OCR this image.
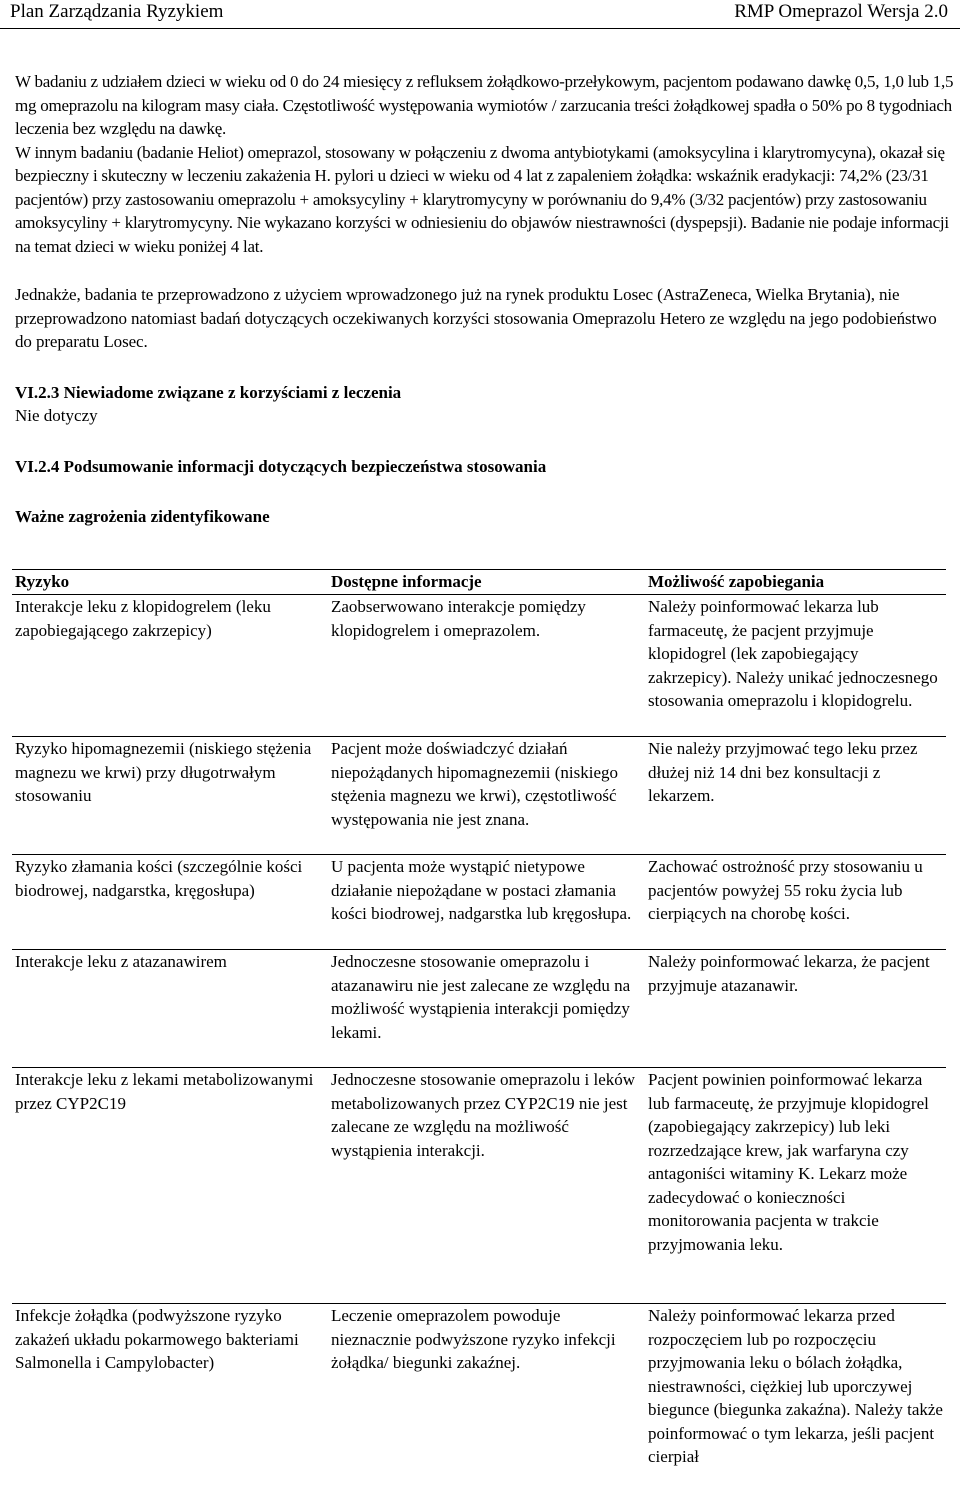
Plan Zarządzania Ryzykiem	RMP Omeprazol Wersja 2.0

W badaniu z udziałem dzieci w wieku od 0 do 24 miesięcy z refluksem żołądkowo-przełykowym, pacjentom podawano dawkę 0,5, 1,0 lub 1,5 mg omeprazolu na kilogram masy ciała. Częstotliwość występowania wymiotów / zarzucania treści żołądkowej spadła o 50% po 8 tygodniach leczenia bez względu na dawkę.

W innym badaniu (badanie Heliot) omeprazol, stosowany w połączeniu z dwoma antybiotykami (amoksycylina i klarytromycyna), okazał się bezpieczny i skuteczny w leczeniu zakażenia H. pylori u dzieci w wieku od 4 lat z zapaleniem żołądka: wskaźnik eradykacji: 74,2% (23/31 pacjentów) przy zastosowaniu omeprazolu + amoksycyliny + klarytromycyny w porównaniu do 9,4% (3/32 pacjentów) przy zastosowaniu amoksycyliny + klarytromycyny. Nie wykazano korzyści w odniesieniu do objawów niestrawności (dyspepsji). Badanie nie podaje informacji na temat dzieci w wieku poniżej 4 lat.

Jednakże, badania te przeprowadzono z użyciem wprowadzonego już na rynek produktu Losec (AstraZeneca, Wielka Brytania), nie przeprowadzono natomiast badań dotyczących oczekiwanych korzyści stosowania Omeprazolu Hetero ze względu na jego podobieństwo do preparatu Losec.

VI.2.3 Niewiadome związane z korzyściami z leczenia

Nie dotyczy

VI.2.4 Podsumowanie informacji dotyczących bezpieczeństwa stosowania

Ważne zagrożenia zidentyfikowane

Ryzyko	Dostępne informacje	Możliwość zapobiegania
Interakcje leku z klopidogrelem (leku zapobiegającego zakrzepicy)	Zaobserwowano interakcje pomiędzy klopidogrelem i omeprazolem.	Należy poinformować lekarza lub farmaceutę, że pacjent przyjmuje klopidogrel (lek zapobiegający zakrzepicy). Należy unikać jednoczesnego stosowania omeprazolu i klopidogrelu.
Ryzyko hipomagnezemii (niskiego stężenia magnezu we krwi) przy długotrwałym stosowaniu	Pacjent może doświadczyć działań niepożądanych hipomagnezemii (niskiego stężenia magnezu we krwi), częstotliwość występowania nie jest znana.	Nie należy przyjmować tego leku przez dłużej niż 14 dni bez konsultacji z lekarzem.
Ryzyko złamania kości (szczególnie kości biodrowej, nadgarstka, kręgosłupa)	U pacjenta może wystąpić nietypowe działanie niepożądane w postaci złamania kości biodrowej, nadgarstka lub kręgosłupa.	Zachować ostrożność przy stosowaniu u pacjentów powyżej 55 roku życia lub cierpiących na chorobę kości.
Interakcje leku z atazanawirem	Jednoczesne stosowanie omeprazolu i atazanawiru nie jest zalecane ze względu na możliwość wystąpienia interakcji pomiędzy lekami.	Należy poinformować lekarza, że pacjent przyjmuje atazanawir.
Interakcje leku z lekami metabolizowanymi przez CYP2C19	Jednoczesne stosowanie omeprazolu i leków metabolizowanych przez CYP2C19 nie jest zalecane ze względu na możliwość wystąpienia interakcji.	Pacjent powinien poinformować lekarza lub farmaceutę, że przyjmuje klopidogrel (zapobiegający zakrzepicy) lub leki rozrzedzające krew, jak warfaryna czy antagoniści witaminy K. Lekarz może zadecydować o konieczności monitorowania pacjenta w trakcie przyjmowania leku.
Infekcje żołądka (podwyższone ryzyko zakażeń układu pokarmowego bakteriami Salmonella i Campylobacter)	Leczenie omeprazolem powoduje nieznacznie podwyższone ryzyko infekcji żołądka/ biegunki zakaźnej.	Należy poinformować lekarza przed rozpoczęciem lub po rozpoczęciu przyjmowania leku o bólach żołądka, niestrawności, ciężkiej lub uporczywej biegunce (biegunka zakaźna). Należy także poinformować o tym lekarza, jeśli pacjent cierpiał
